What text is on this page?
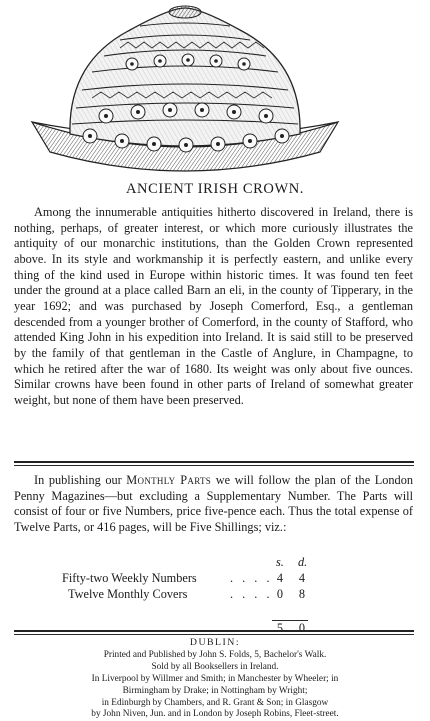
ANCIENT IRISH CROWN.

Among the innumerable antiquities hitherto discovered in Ireland, there is nothing, perhaps, of greater interest, or which more curiously illustrates the antiquity of our monarchic institutions, than the Golden Crown represented above. In its style and workmanship it is perfectly eastern, and unlike every thing of the kind used in Europe within historic times. It was found ten feet under the ground at a place called Barn an eli, in the county of Tipperary, in the year 1692; and was purchased by Joseph Comerford, Esq., a gentleman descended from a younger brother of Comerford, in the county of Stafford, who attended King John in his expedition into Ireland. It is said still to be preserved by the family of that gentleman in the Castle of Anglure, in Champagne, to which he retired after the war of 1680. Its weight was only about five ounces. Similar crowns have been found in other parts of Ireland of somewhat greater weight, but none of them have been preserved.

In publishing our Monthly Parts we will follow the plan of the London Penny Magazines—but excluding a Supplementary Number. The Parts will consist of four or five Numbers, price five-pence each. Thus the total expense of Twelve Parts, or 416 pages, will be Five Shillings; viz.:

s. d.
Fifty-two Weekly Numbers	. . . . 4 4
Twelve Monthly Covers	. . . . 0 8
5 0
DUBLIN:
Printed and Published by John S. Folds, 5, Bachelor's Walk.
Sold by all Booksellers in Ireland.
In Liverpool by Willmer and Smith; in Manchester by Wheeler; in
Birmingham by Drake; in Nottingham by Wright;
in Edinburgh by Chambers, and R. Grant & Son; in Glasgow
by John Niven, Jun. and in London by Joseph Robins, Fleet-street.
